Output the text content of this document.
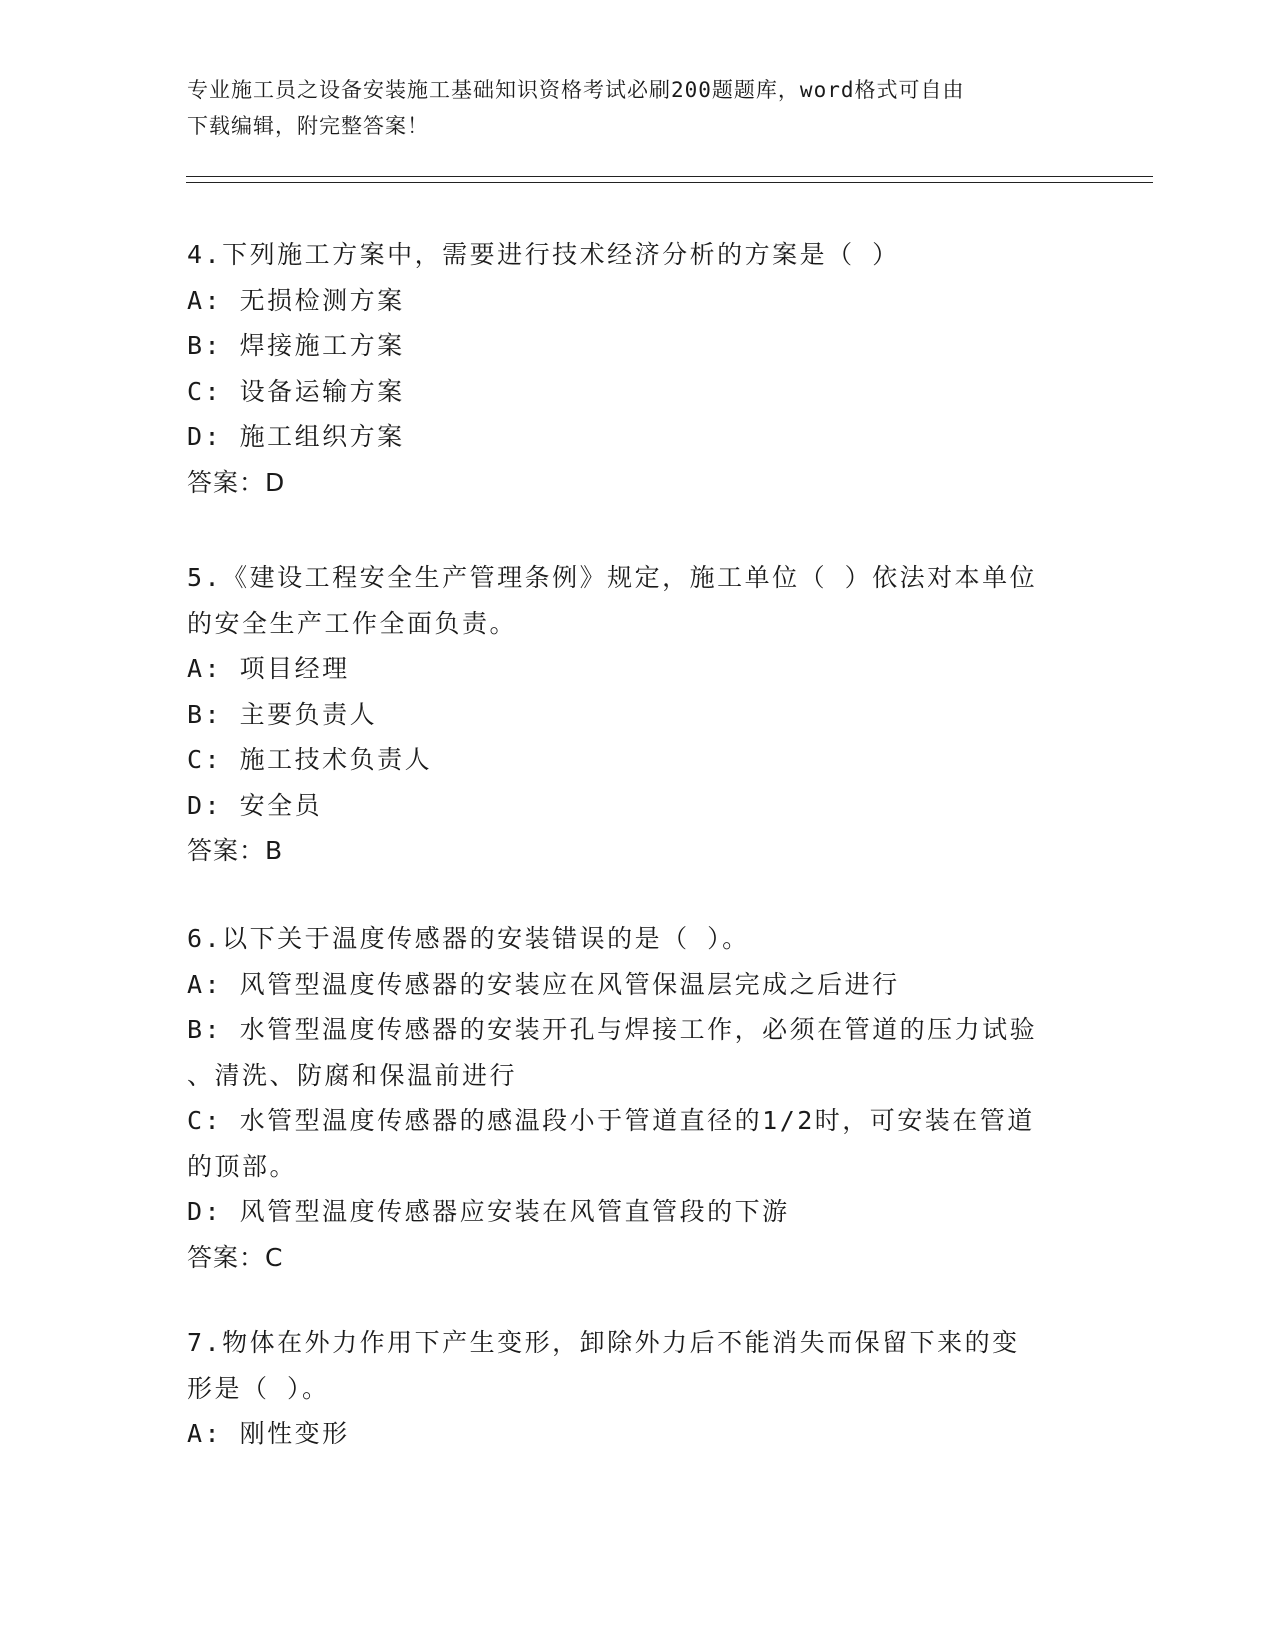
专业施工员之设备安装施工基础知识资格考试必刷200题题库，word格式可自由
下载编辑，附完整答案！
4.下列施工方案中，需要进行技术经济分析的方案是（ ）
A: 无损检测方案
B: 焊接施工方案
C: 设备运输方案
D: 施工组织方案
答案：D
5.《建设工程安全生产管理条例》规定，施工单位（ ）依法对本单位
的安全生产工作全面负责。
A: 项目经理
B: 主要负责人
C: 施工技术负责人
D: 安全员
答案：B
6.以下关于温度传感器的安装错误的是（ ）。
A: 风管型温度传感器的安装应在风管保温层完成之后进行
B: 水管型温度传感器的安装开孔与焊接工作，必须在管道的压力试验
、清洗、防腐和保温前进行
C: 水管型温度传感器的感温段小于管道直径的1/2时，可安装在管道
的顶部。
D: 风管型温度传感器应安装在风管直管段的下游
答案：C
7.物体在外力作用下产生变形，卸除外力后不能消失而保留下来的变
形是（ ）。
A: 刚性变形
